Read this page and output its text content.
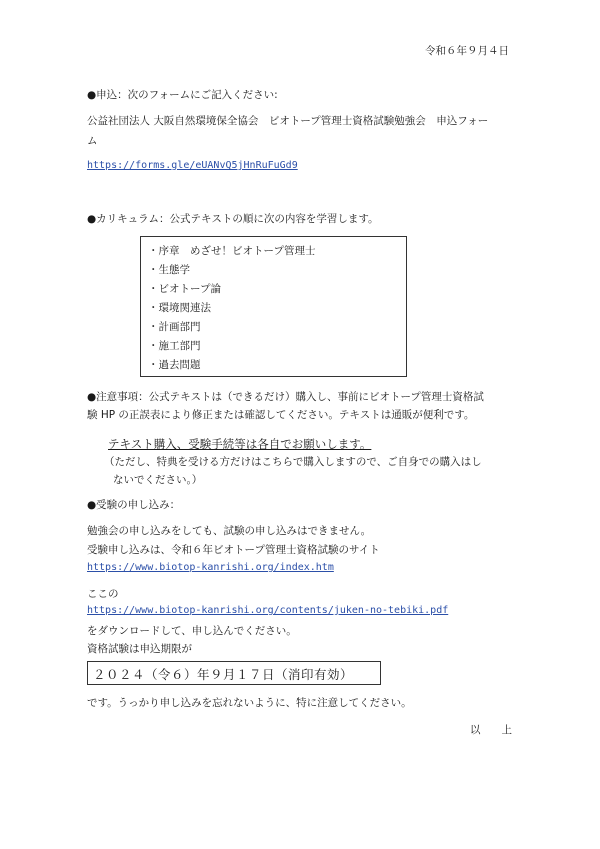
令和６年９月４日
●申込：次のフォームにご記入ください:
公益社団法人 大阪自然環境保全協会　ビオトープ管理士資格試験勉強会　申込フォー
ム
https://forms.gle/eUANvQ5jHnRuFuGd9
●カリキュラム：公式テキストの順に次の内容を学習します。
・序章　めざせ！ビオトープ管理士
・生態学
・ビオトープ論
・環境関連法
・計画部門
・施工部門
・過去問題
●注意事項：公式テキストは（できるだけ）購入し、事前にビオトープ管理士資格試
験 HP の正誤表により修正または確認してください。テキストは通販が便利です。
テキスト購入、受験手続等は各自でお願いします。
（ただし、特典を受ける方だけはこちらで購入しますので、ご自身での購入はし
ないでください。）
●受験の申し込み：
勉強会の申し込みをしても、試験の申し込みはできません。
受験申し込みは、令和６年ビオトープ管理士資格試験のサイト
https://www.biotop-kanrishi.org/index.htm
ここの
https://www.biotop-kanrishi.org/contents/juken-no-tebiki.pdf
をダウンロードして、申し込んでください。
資格試験は申込期限が
２０２４（令６）年９月１７日（消印有効）
です。うっかり申し込みを忘れないように、特に注意してください。
以　　上
